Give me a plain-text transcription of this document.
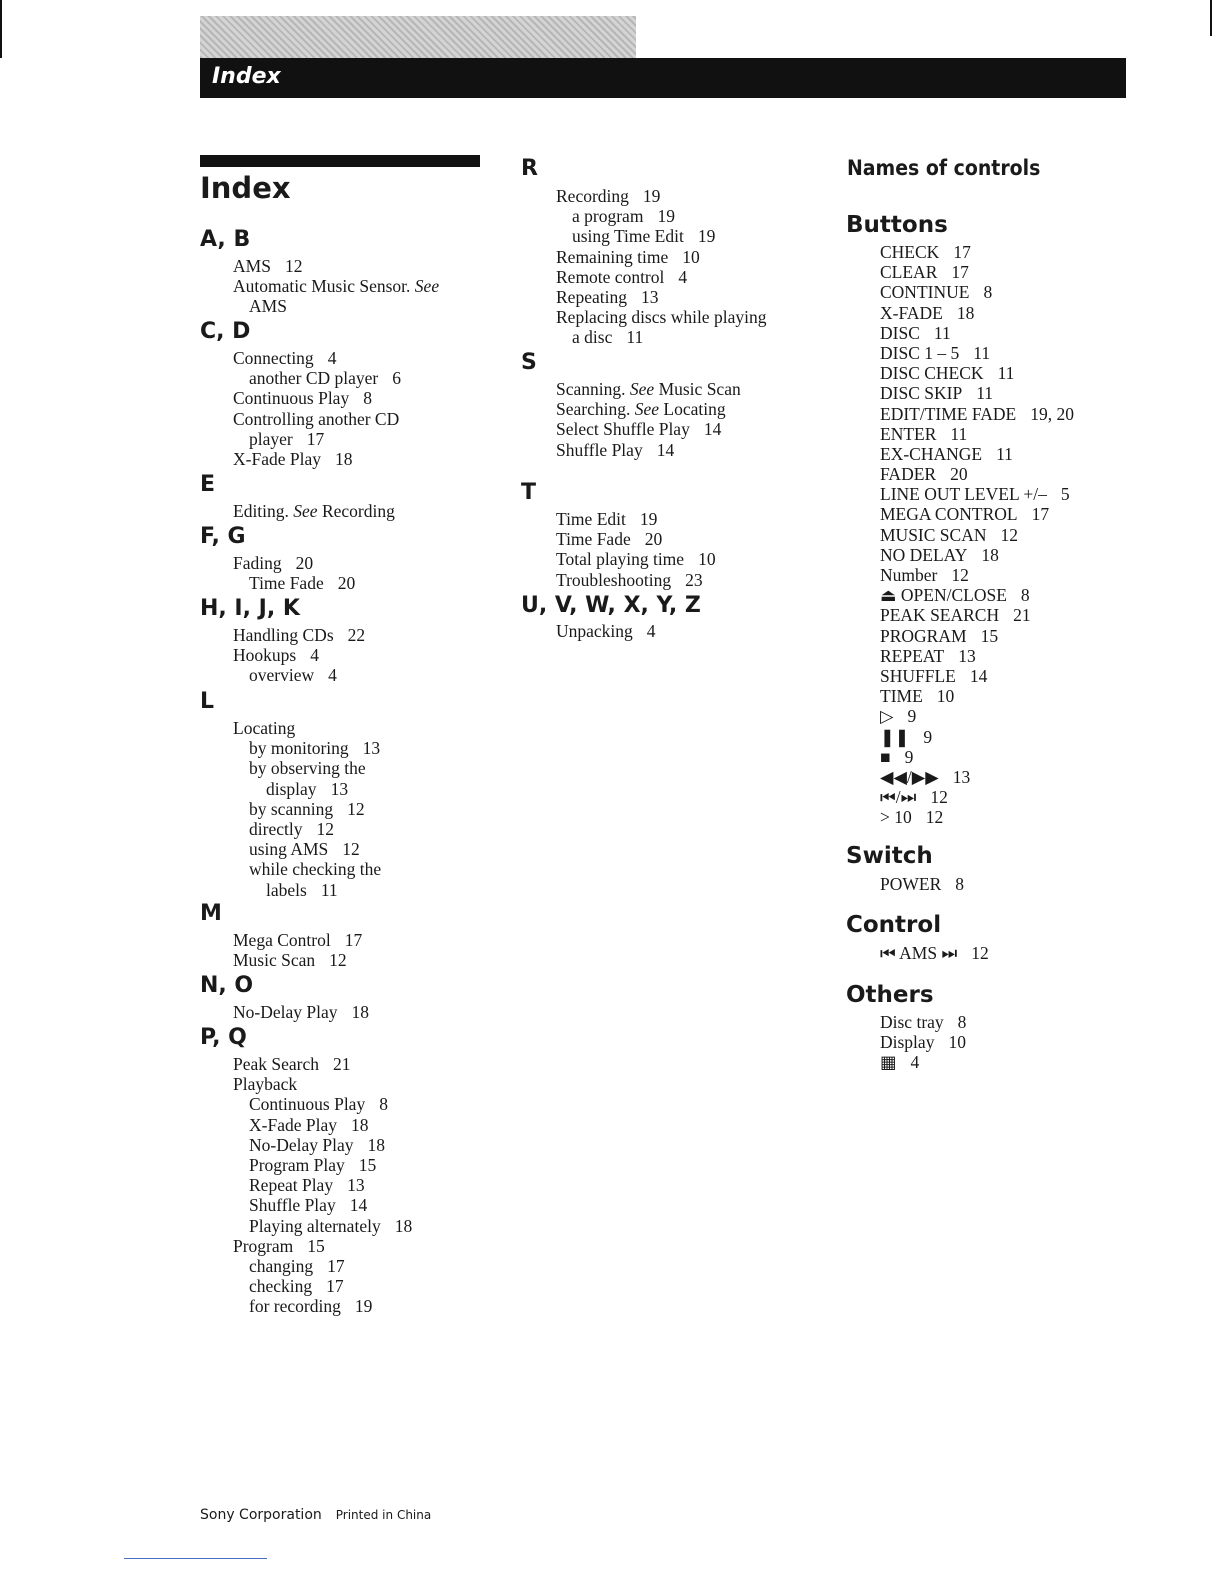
Index
Index
A, B
AMS 12
Automatic Music Sensor. See
AMS
C, D
Connecting 4
another CD player 6
Continuous Play 8
Controlling another CD
player 17
X-Fade Play 18
E
Editing. See Recording
F, G
Fading 20
Time Fade 20
H, I, J, K
Handling CDs 22
Hookups 4
overview 4
L
Locating
by monitoring 13
by observing the
display 13
by scanning 12
directly 12
using AMS 12
while checking the
labels 11
M
Mega Control 17
Music Scan 12
N, O
No-Delay Play 18
P, Q
Peak Search 21
Playback
Continuous Play 8
X-Fade Play 18
No-Delay Play 18
Program Play 15
Repeat Play 13
Shuffle Play 14
Playing alternately 18
Program 15
changing 17
checking 17
for recording 19
R
Recording 19
a program 19
using Time Edit 19
Remaining time 10
Remote control 4
Repeating 13
Replacing discs while playing
a disc 11
S
Scanning. See Music Scan
Searching. See Locating
Select Shuffle Play 14
Shuffle Play 14
T
Time Edit 19
Time Fade 20
Total playing time 10
Troubleshooting 23
U, V, W, X, Y, Z
Unpacking 4
Names of controls
Buttons
CHECK 17
CLEAR 17
CONTINUE 8
X-FADE 18
DISC 11
DISC 1 – 5 11
DISC CHECK 11
DISC SKIP 11
EDIT/TIME FADE 19, 20
ENTER 11
EX-CHANGE 11
FADER 20
LINE OUT LEVEL +/– 5
MEGA CONTROL 17
MUSIC SCAN 12
NO DELAY 18
Number 12
⏏ OPEN/CLOSE 8
PEAK SEARCH 21
PROGRAM 15
REPEAT 13
SHUFFLE 14
TIME 10
▷ 9
❚❚ 9
■ 9
◀◀/▶▶ 13
⏮/⏭ 12
> 10 12
Switch
POWER 8
Control
⏮ AMS ⏭ 12
Others
Disc tray 8
Display 10
▦ 4
Sony Corporation Printed in China
